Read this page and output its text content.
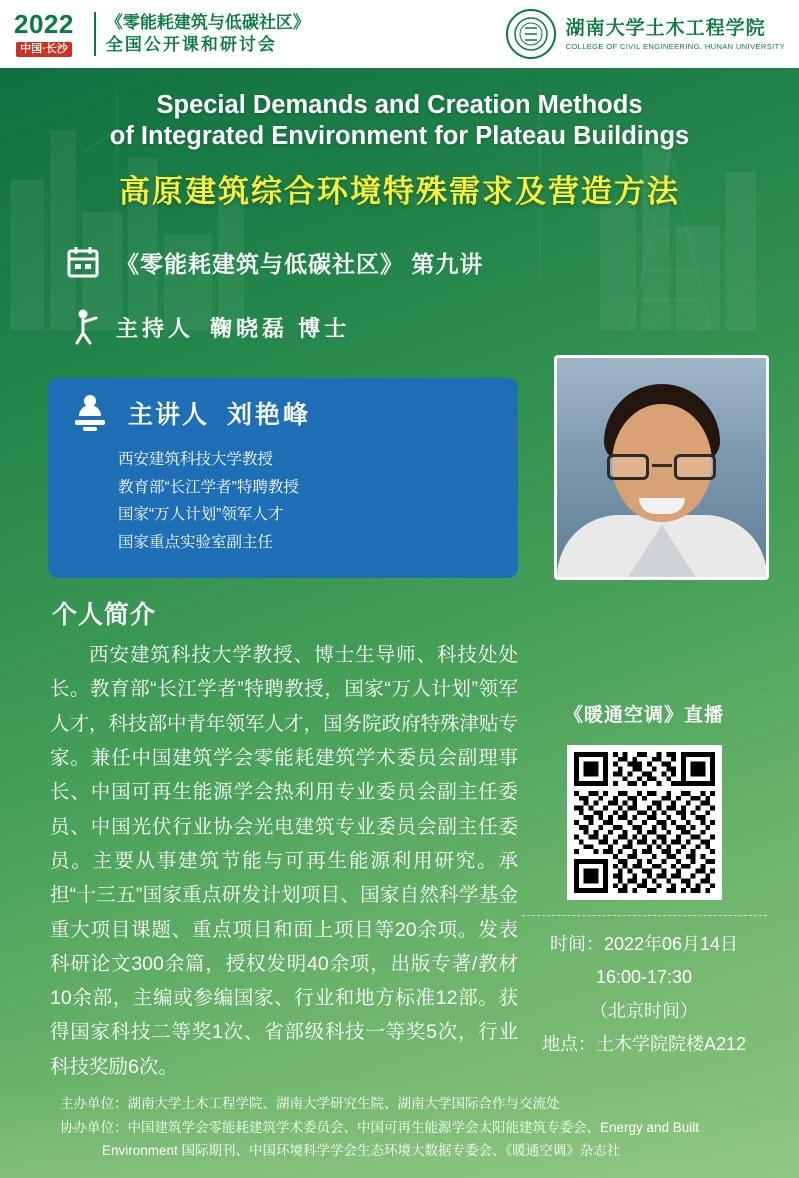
2022
中国·长沙
《零能耗建筑与低碳社区》
全国公开课和研讨会
湖南大学土木工程学院
COLLEGE OF CIVIL ENGINEERING, HUNAN UNIVERSITY
Special Demands and Creation Methods
of Integrated Environment for Plateau Buildings
高原建筑综合环境特殊需求及营造方法
《零能耗建筑与低碳社区》 第九讲
主持人 鞠晓磊 博士
主讲人 刘艳峰
西安建筑科技大学教授
教育部“长江学者”特聘教授
国家“万人计划”领军人才
国家重点实验室副主任
个人简介
西安建筑科技大学教授、博士生导师、科技处处长。教育部“长江学者”特聘教授，国家“万人计划”领军人才，科技部中青年领军人才，国务院政府特殊津贴专家。兼任中国建筑学会零能耗建筑学术委员会副理事长、中国可再生能源学会热利用专业委员会副主任委员、中国光伏行业协会光电建筑专业委员会副主任委员。主要从事建筑节能与可再生能源利用研究。承担“十三五”国家重点研发计划项目、国家自然科学基金重大项目课题、重点项目和面上项目等20余项。发表科研论文300余篇，授权发明40余项，出版专著/教材10余部，主编或参编国家、行业和地方标准12部。获得国家科技二等奖1次、省部级科技一等奖5次，行业科技奖励6次。
《暖通空调》直播
时间：2022年06月14日
16:00-17:30
（北京时间）
地点：土木学院院楼A212
主办单位：湖南大学土木工程学院、湖南大学研究生院、湖南大学国际合作与交流处
协办单位：中国建筑学会零能耗建筑学术委员会、中国可再生能源学会太阳能建筑专委会、Energy and Built
Environment 国际期刊、中国环境科学学会生态环境大数据专委会、《暖通空调》杂志社
